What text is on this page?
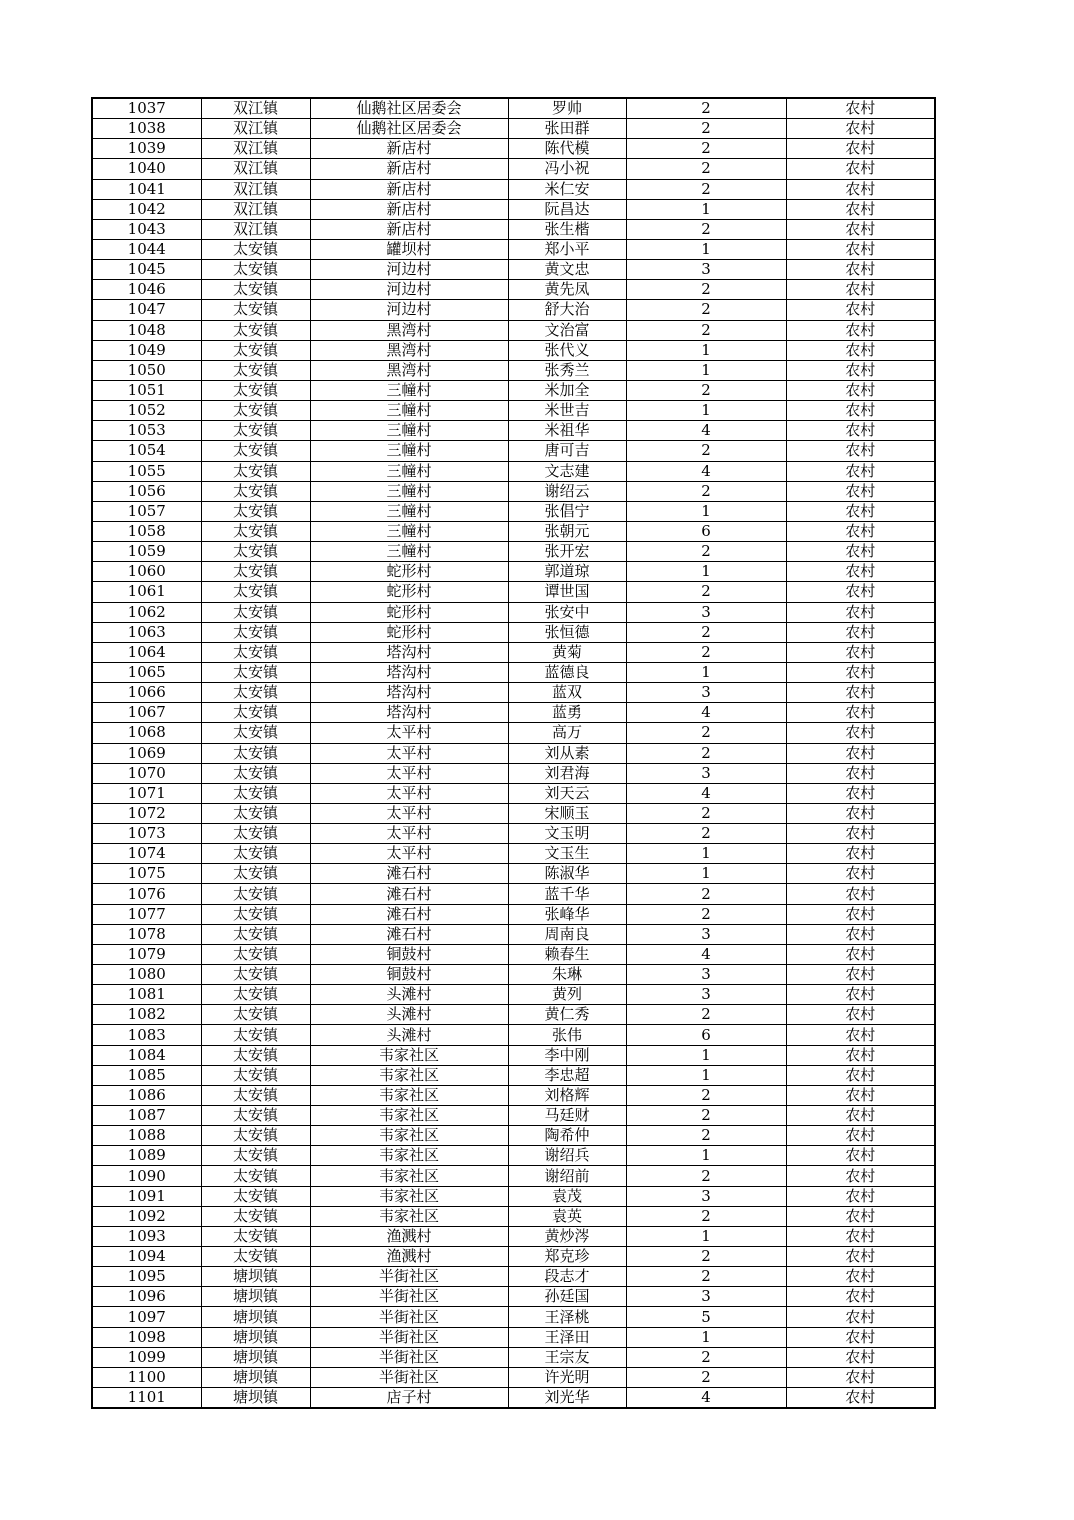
1037	双江镇	仙鹅社区居委会	罗帅	2	农村
1038	双江镇	仙鹅社区居委会	张田群	2	农村
1039	双江镇	新店村	陈代模	2	农村
1040	双江镇	新店村	冯小祝	2	农村
1041	双江镇	新店村	米仁安	2	农村
1042	双江镇	新店村	阮昌达	1	农村
1043	双江镇	新店村	张生楷	2	农村
1044	太安镇	罐坝村	郑小平	1	农村
1045	太安镇	河边村	黄文忠	3	农村
1046	太安镇	河边村	黄先凤	2	农村
1047	太安镇	河边村	舒大治	2	农村
1048	太安镇	黑湾村	文治富	2	农村
1049	太安镇	黑湾村	张代义	1	农村
1050	太安镇	黑湾村	张秀兰	1	农村
1051	太安镇	三幢村	米加全	2	农村
1052	太安镇	三幢村	米世吉	1	农村
1053	太安镇	三幢村	米祖华	4	农村
1054	太安镇	三幢村	唐可吉	2	农村
1055	太安镇	三幢村	文志建	4	农村
1056	太安镇	三幢村	谢绍云	2	农村
1057	太安镇	三幢村	张倡宁	1	农村
1058	太安镇	三幢村	张朝元	6	农村
1059	太安镇	三幢村	张开宏	2	农村
1060	太安镇	蛇形村	郭道琼	1	农村
1061	太安镇	蛇形村	谭世国	2	农村
1062	太安镇	蛇形村	张安中	3	农村
1063	太安镇	蛇形村	张恒德	2	农村
1064	太安镇	塔沟村	黄菊	2	农村
1065	太安镇	塔沟村	蓝德良	1	农村
1066	太安镇	塔沟村	蓝双	3	农村
1067	太安镇	塔沟村	蓝勇	4	农村
1068	太安镇	太平村	高万	2	农村
1069	太安镇	太平村	刘从素	2	农村
1070	太安镇	太平村	刘君海	3	农村
1071	太安镇	太平村	刘天云	4	农村
1072	太安镇	太平村	宋顺玉	2	农村
1073	太安镇	太平村	文玉明	2	农村
1074	太安镇	太平村	文玉生	1	农村
1075	太安镇	滩石村	陈淑华	1	农村
1076	太安镇	滩石村	蓝千华	2	农村
1077	太安镇	滩石村	张峰华	2	农村
1078	太安镇	滩石村	周南良	3	农村
1079	太安镇	铜鼓村	赖春生	4	农村
1080	太安镇	铜鼓村	朱琳	3	农村
1081	太安镇	头滩村	黄列	3	农村
1082	太安镇	头滩村	黄仁秀	2	农村
1083	太安镇	头滩村	张伟	6	农村
1084	太安镇	韦家社区	李中刚	1	农村
1085	太安镇	韦家社区	李忠超	1	农村
1086	太安镇	韦家社区	刘格辉	2	农村
1087	太安镇	韦家社区	马廷财	2	农村
1088	太安镇	韦家社区	陶希仲	2	农村
1089	太安镇	韦家社区	谢绍兵	1	农村
1090	太安镇	韦家社区	谢绍前	2	农村
1091	太安镇	韦家社区	袁茂	3	农村
1092	太安镇	韦家社区	袁英	2	农村
1093	太安镇	渔溅村	黄炒涔	1	农村
1094	太安镇	渔溅村	郑克珍	2	农村
1095	塘坝镇	半街社区	段志才	2	农村
1096	塘坝镇	半街社区	孙廷国	3	农村
1097	塘坝镇	半街社区	王泽桃	5	农村
1098	塘坝镇	半街社区	王泽田	1	农村
1099	塘坝镇	半街社区	王宗友	2	农村
1100	塘坝镇	半街社区	许光明	2	农村
1101	塘坝镇	店子村	刘光华	4	农村
